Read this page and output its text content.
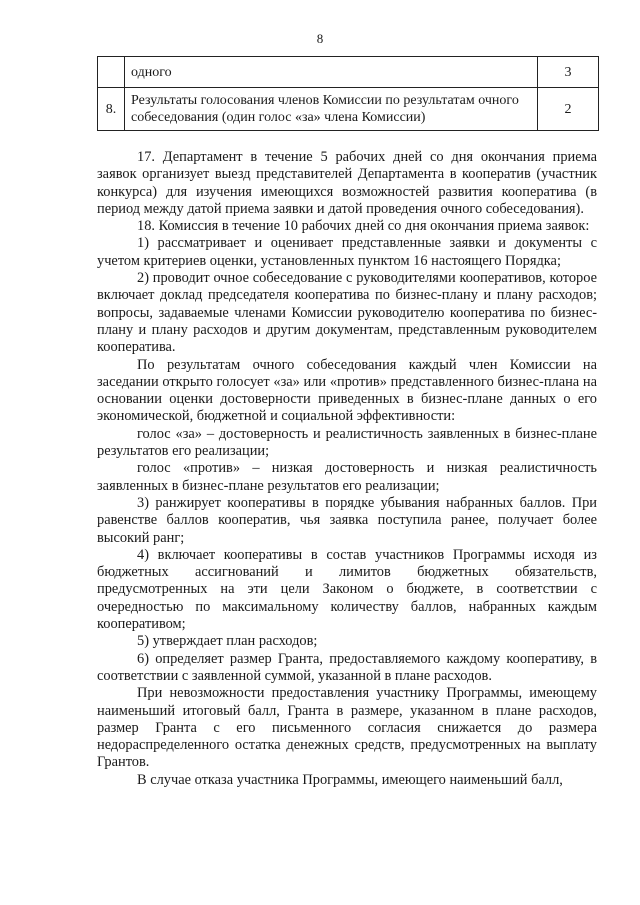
8
	одного	3
8.	Результаты голосования членов Комиссии по результатам очного собеседования (один голос «за» члена Комиссии)	2

17. Департамент в течение 5 рабочих дней со дня окончания приема заявок организует выезд представителей Департамента в кооператив (участник конкурса) для изучения имеющихся возможностей развития кооператива (в период между датой приема заявки и датой проведения очного собеседования).

18. Комиссия в течение 10 рабочих дней со дня окончания приема заявок:

1) рассматривает и оценивает представленные заявки и документы с учетом критериев оценки, установленных пунктом 16 настоящего Порядка;

2) проводит очное собеседование с руководителями кооперативов, которое включает доклад председателя кооператива по бизнес-плану и плану расходов; вопросы, задаваемые членами Комиссии руководителю кооператива по бизнес-плану и плану расходов и другим документам, представленным руководителем кооператива.

По результатам очного собеседования каждый член Комиссии на заседании открыто голосует «за» или «против» представленного бизнес-плана на основании оценки достоверности приведенных в бизнес-плане данных о его экономической, бюджетной и социальной эффективности:

голос «за» – достоверность и реалистичность заявленных в бизнес-плане результатов его реализации;

голос «против» – низкая достоверность и низкая реалистичность заявленных в бизнес-плане результатов его реализации;

3) ранжирует кооперативы в порядке убывания набранных баллов. При равенстве баллов кооператив, чья заявка поступила ранее, получает более высокий ранг;

4) включает кооперативы в состав участников Программы исходя из бюджетных ассигнований и лимитов бюджетных обязательств, предусмотренных на эти цели Законом о бюджете, в соответствии с очередностью по максимальному количеству баллов, набранных каждым кооперативом;

5) утверждает план расходов;

6) определяет размер Гранта, предоставляемого каждому кооперативу, в соответствии с заявленной суммой, указанной в плане расходов.

При невозможности предоставления участнику Программы, имеющему наименьший итоговый балл, Гранта в размере, указанном в плане расходов, размер Гранта с его письменного согласия снижается до размера недораспределенного остатка денежных средств, предусмотренных на выплату Грантов.

В случае отказа участника Программы, имеющего наименьший балл,
